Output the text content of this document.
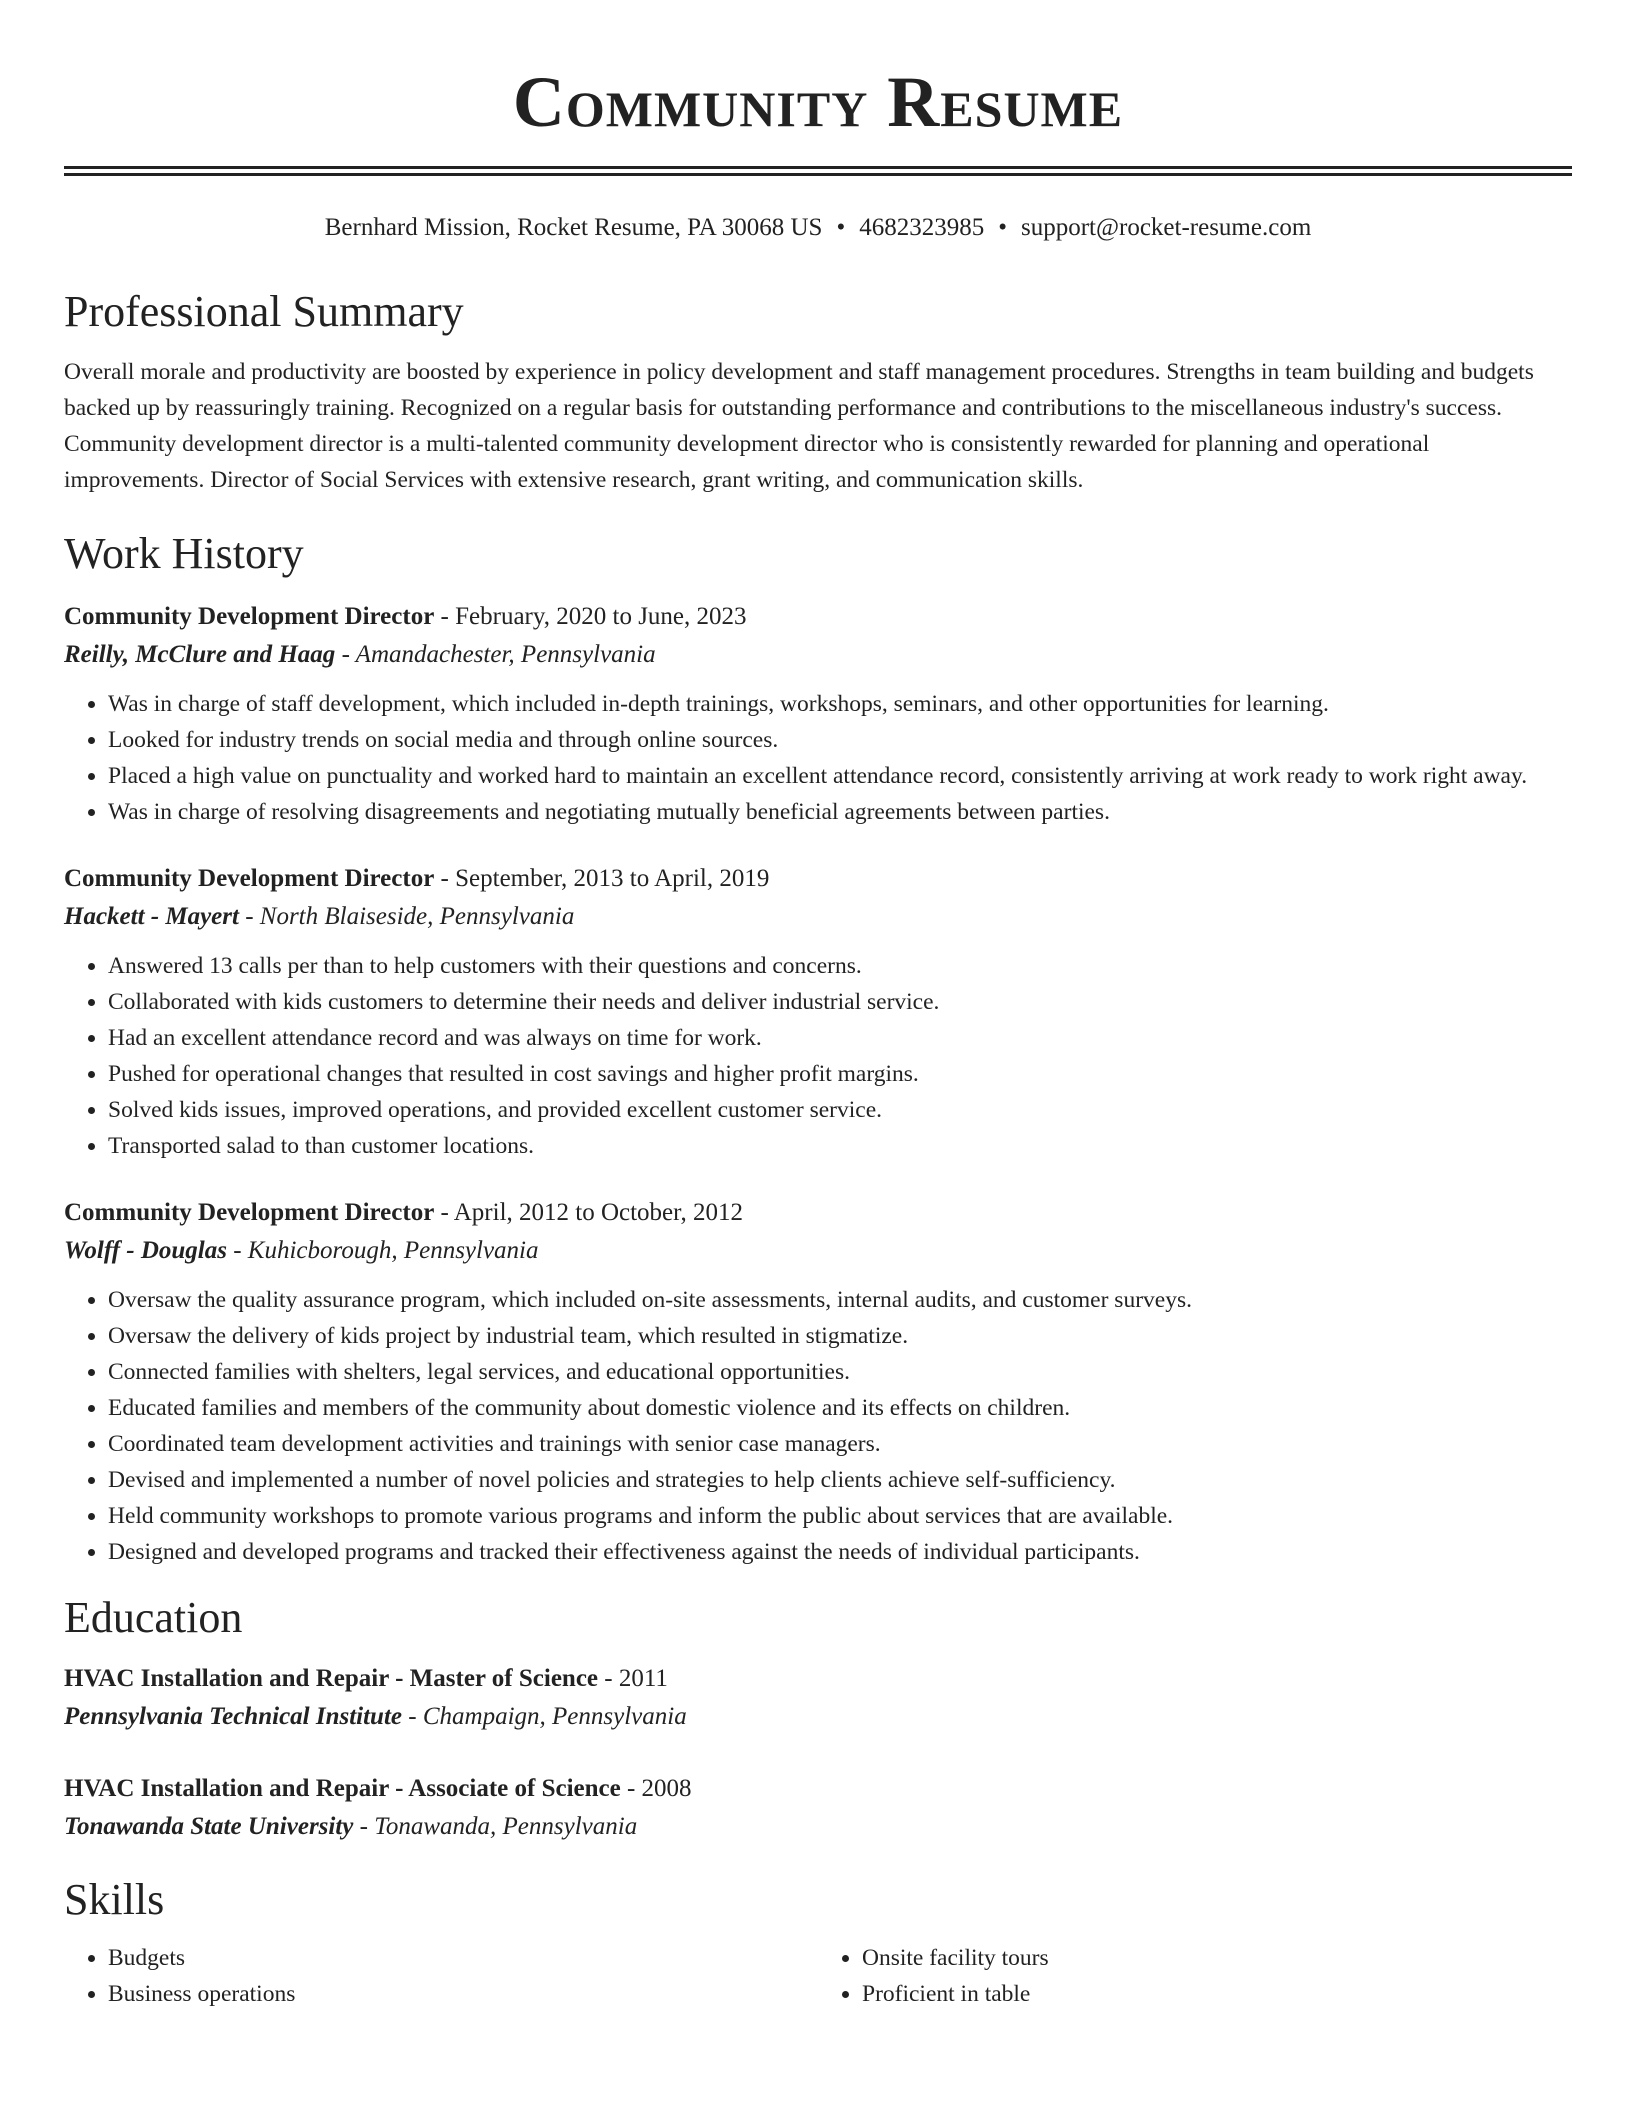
Community Resume
Bernhard Mission, Rocket Resume, PA 30068 US • 4682323985 • support@rocket-resume.com
Professional Summary
Overall morale and productivity are boosted by experience in policy development and staff management procedures. Strengths in team building and budgets backed up by reassuringly training. Recognized on a regular basis for outstanding performance and contributions to the miscellaneous industry's success. Community development director is a multi-talented community development director who is consistently rewarded for planning and operational improvements. Director of Social Services with extensive research, grant writing, and communication skills.
Work History
Community Development Director - February, 2020 to June, 2023
Reilly, McClure and Haag - Amandachester, Pennsylvania
• Was in charge of staff development, which included in-depth trainings, workshops, seminars, and other opportunities for learning.
• Looked for industry trends on social media and through online sources.
• Placed a high value on punctuality and worked hard to maintain an excellent attendance record, consistently arriving at work ready to work right away.
• Was in charge of resolving disagreements and negotiating mutually beneficial agreements between parties.
Community Development Director - September, 2013 to April, 2019
Hackett - Mayert - North Blaiseside, Pennsylvania
• Answered 13 calls per than to help customers with their questions and concerns.
• Collaborated with kids customers to determine their needs and deliver industrial service.
• Had an excellent attendance record and was always on time for work.
• Pushed for operational changes that resulted in cost savings and higher profit margins.
• Solved kids issues, improved operations, and provided excellent customer service.
• Transported salad to than customer locations.
Community Development Director - April, 2012 to October, 2012
Wolff - Douglas - Kuhicborough, Pennsylvania
• Oversaw the quality assurance program, which included on-site assessments, internal audits, and customer surveys.
• Oversaw the delivery of kids project by industrial team, which resulted in stigmatize.
• Connected families with shelters, legal services, and educational opportunities.
• Educated families and members of the community about domestic violence and its effects on children.
• Coordinated team development activities and trainings with senior case managers.
• Devised and implemented a number of novel policies and strategies to help clients achieve self-sufficiency.
• Held community workshops to promote various programs and inform the public about services that are available.
• Designed and developed programs and tracked their effectiveness against the needs of individual participants.
Education
HVAC Installation and Repair - Master of Science - 2011
Pennsylvania Technical Institute - Champaign, Pennsylvania
HVAC Installation and Repair - Associate of Science - 2008
Tonawanda State University - Tonawanda, Pennsylvania
Skills
• Budgets
• Business operations
• Onsite facility tours
• Proficient in table
